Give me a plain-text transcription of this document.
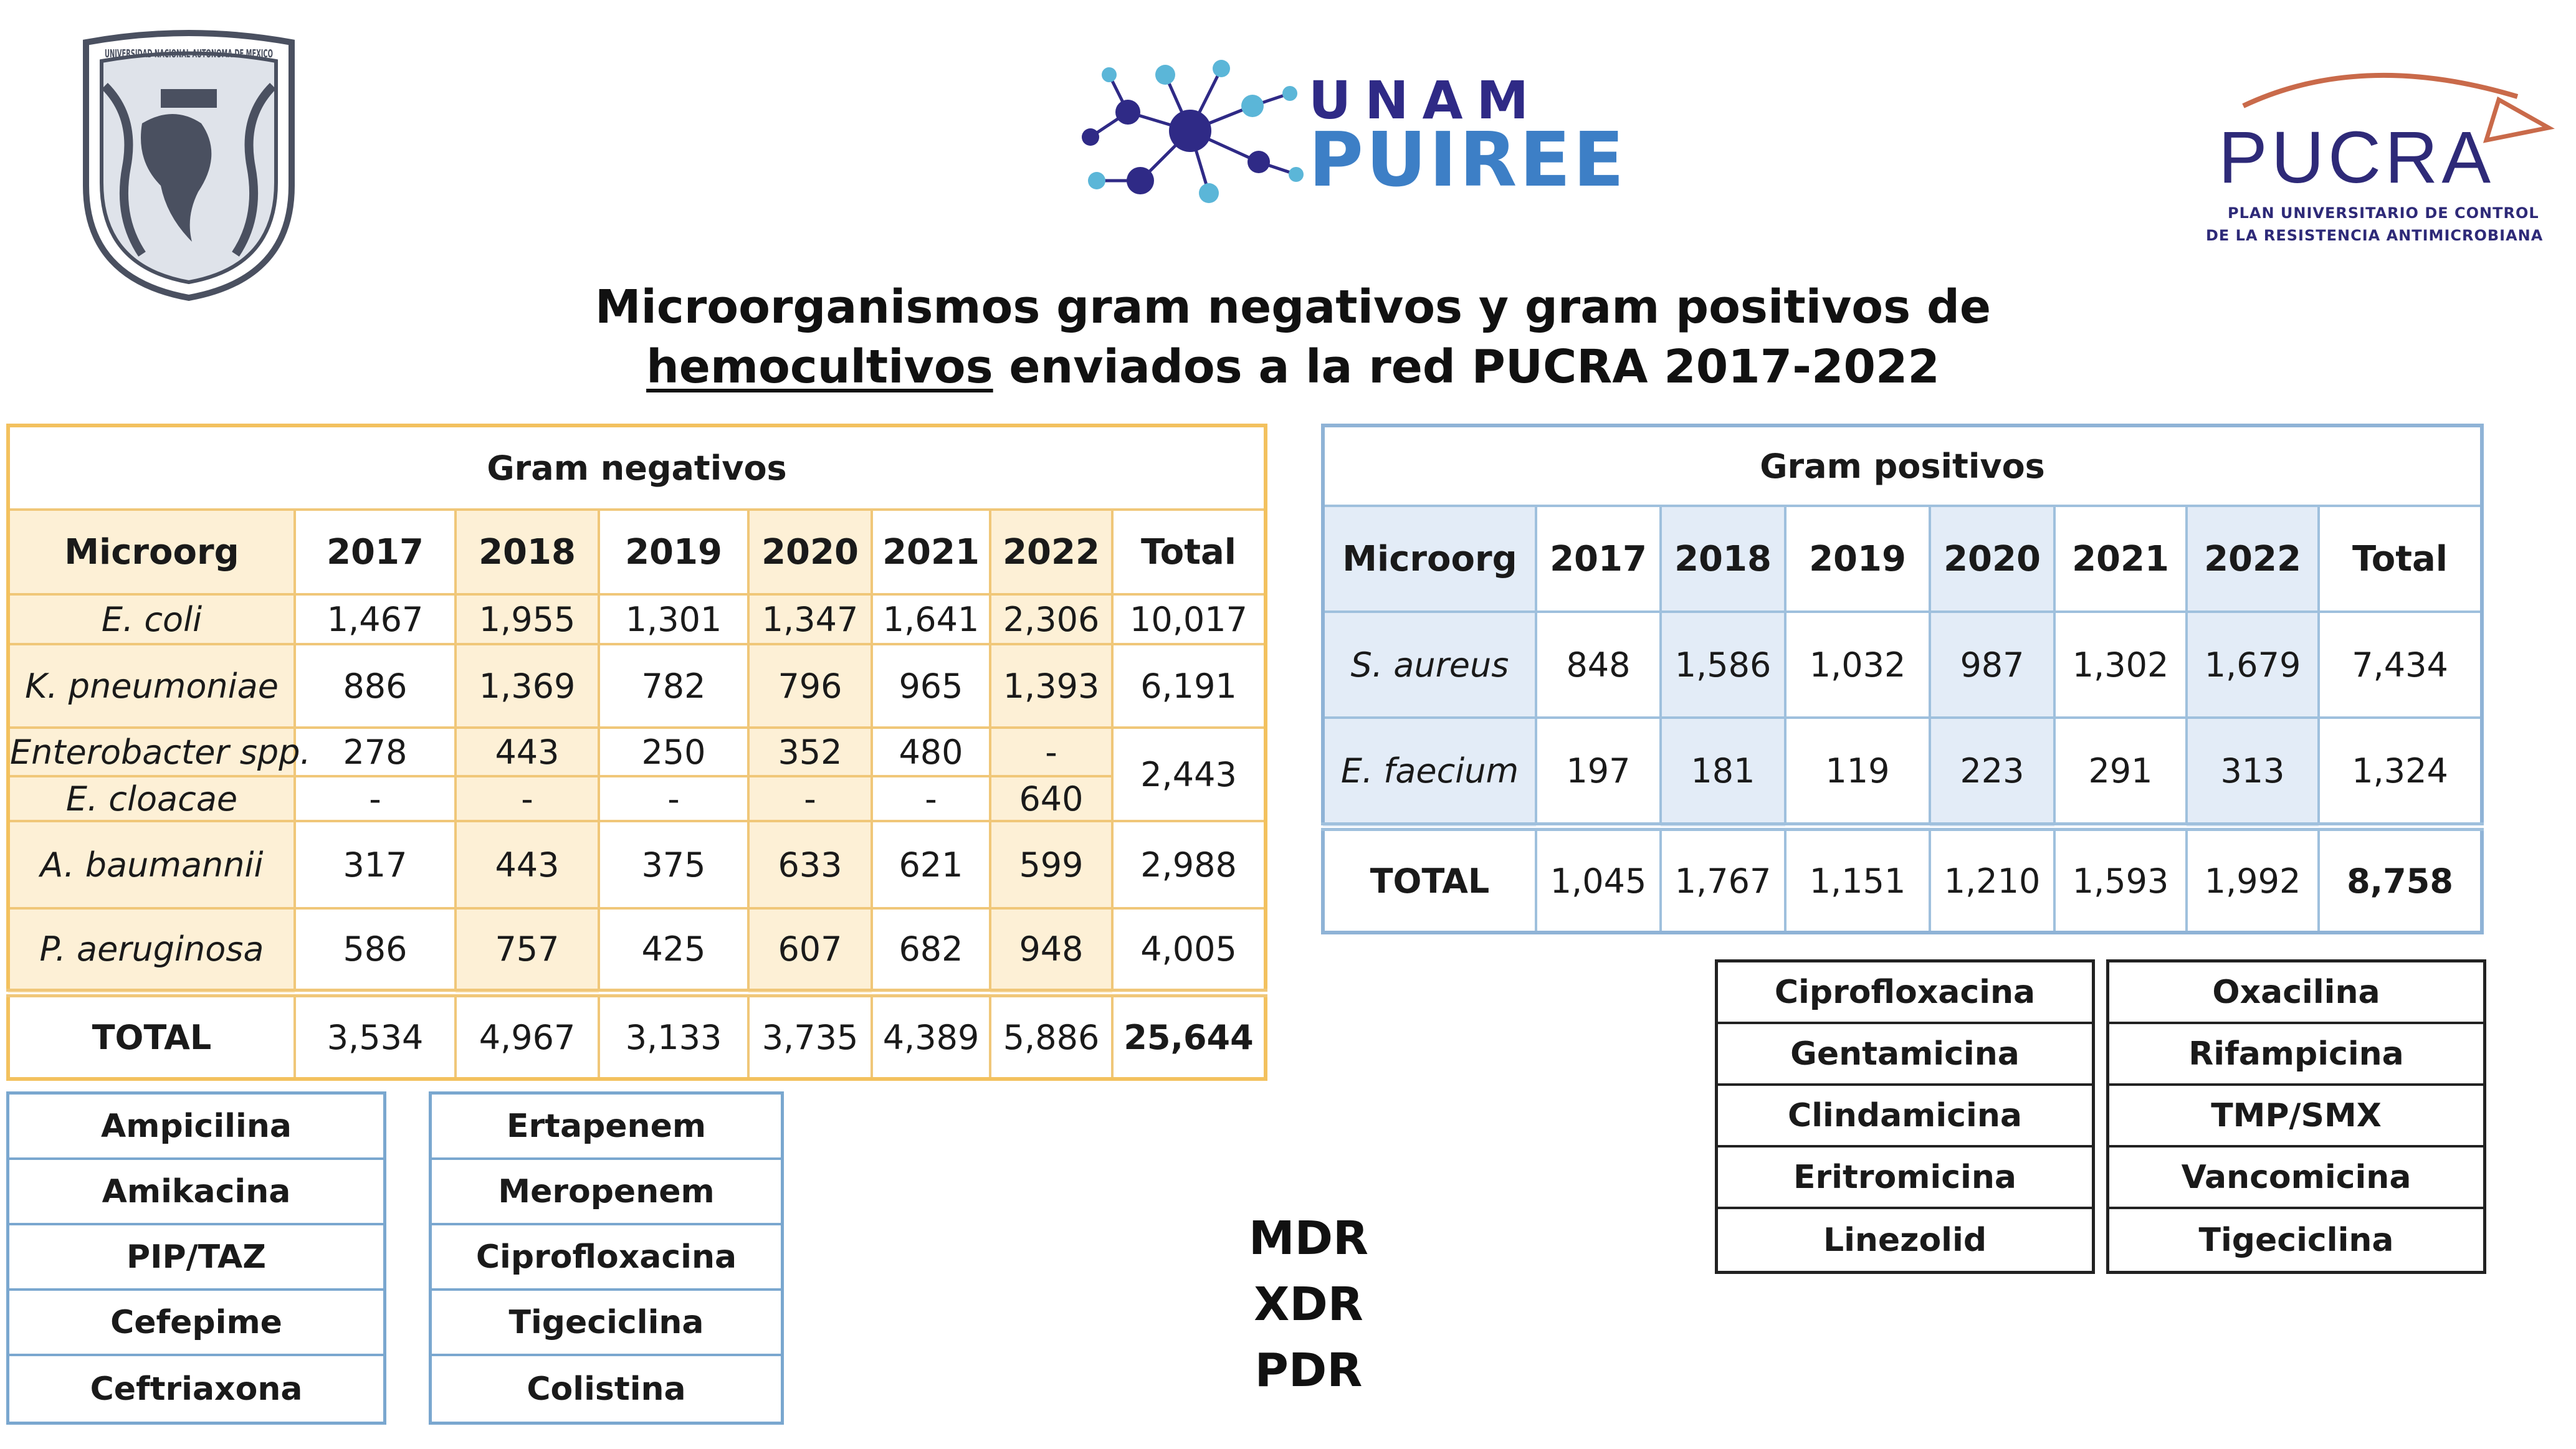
UNIVERSIDAD NACIONAL AUTONOMA DE MEXICO
UNAM
PUIREE	PUCRA
PLAN UNIVERSITARIO DE CONTROL
DE LA RESISTENCIA ANTIMICROBIANA
Microorganismos gram negativos y gram positivos de
hemocultivos enviados a la red PUCRA 2017-2022
Gram negativos							
Microorg	2017	2018	2019	2020	2021	2022	Total
E. coli	1,467	1,955	1,301	1,347	1,641	2,306	10,017
K. pneumoniae	886	1,369	782	796	965	1,393	6,191
Enterobacter spp.	278	443	250	352	480	-	2,443
E. cloacae	-	-	-	-	-	640	
A. baumannii	317	443	375	633	621	599	2,988
P. aeruginosa	586	757	425	607	682	948	4,005
TOTAL	3,534	4,967	3,133	3,735	4,389	5,886	25,644
Gram positivos							
Microorg	2017	2018	2019	2020	2021	2022	Total
S. aureus	848	1,586	1,032	987	1,302	1,679	7,434
E. faecium	197	181	119	223	291	313	1,324
TOTAL	1,045	1,767	1,151	1,210	1,593	1,992	8,758
Ampicilina
Amikacina
PIP/TAZ
Cefepime
Ceftriaxona
Ertapenem
Meropenem
Ciprofloxacina
Tigeciclina
Colistina
MDR
XDR
PDR
Ciprofloxacina
Gentamicina
Clindamicina
Eritromicina
Linezolid
Oxacilina
Rifampicina
TMP/SMX
Vancomicina
Tigeciclina
